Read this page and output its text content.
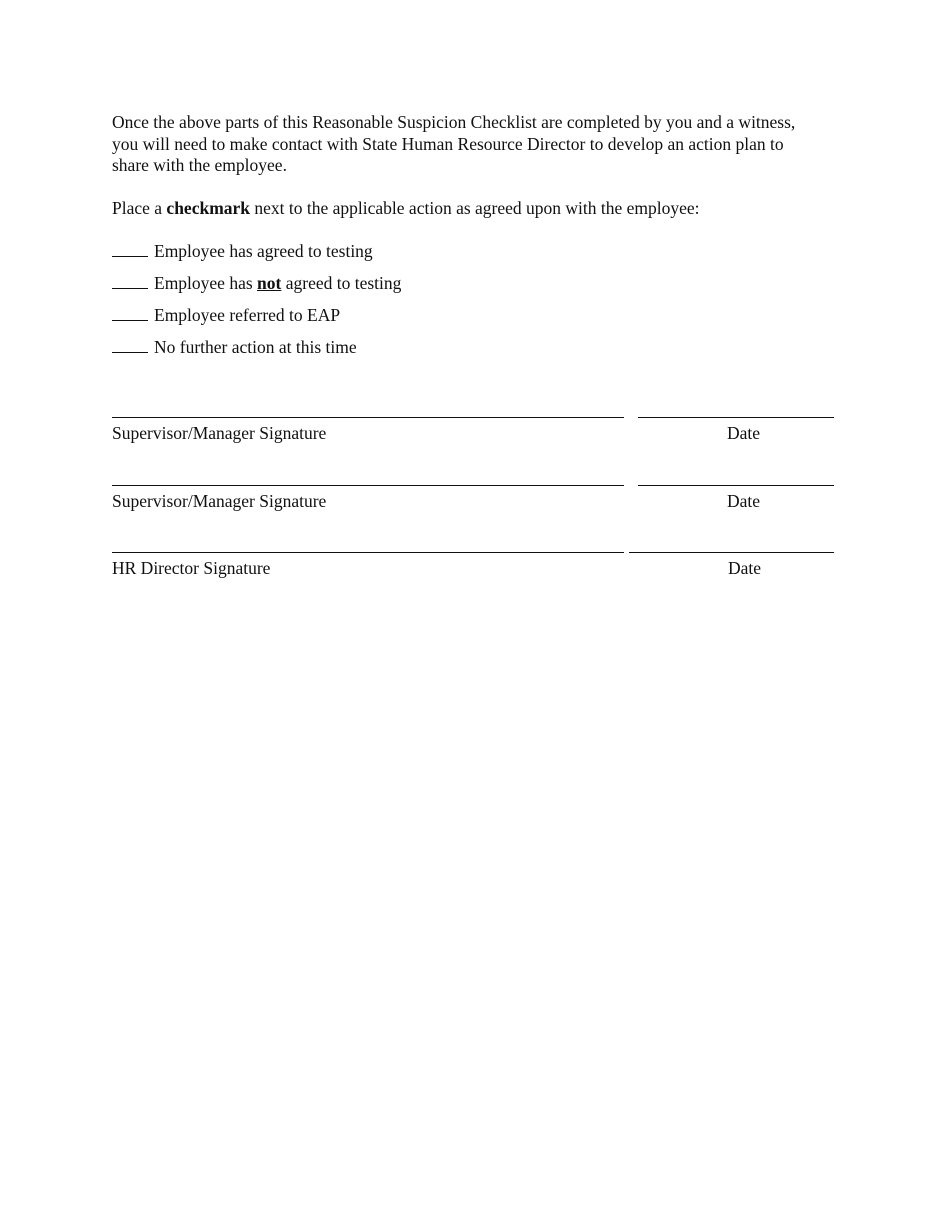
Once the above parts of this Reasonable Suspicion Checklist are completed by you and a witness, you will need to make contact with State Human Resource Director to develop an action plan to share with the employee.

Place a checkmark next to the applicable action as agreed upon with the employee:

Employee has agreed to testing

Employee has not agreed to testing

Employee referred to EAP

No further action at this time

Supervisor/Manager Signature	Date

Supervisor/Manager Signature	Date

HR Director Signature	Date
